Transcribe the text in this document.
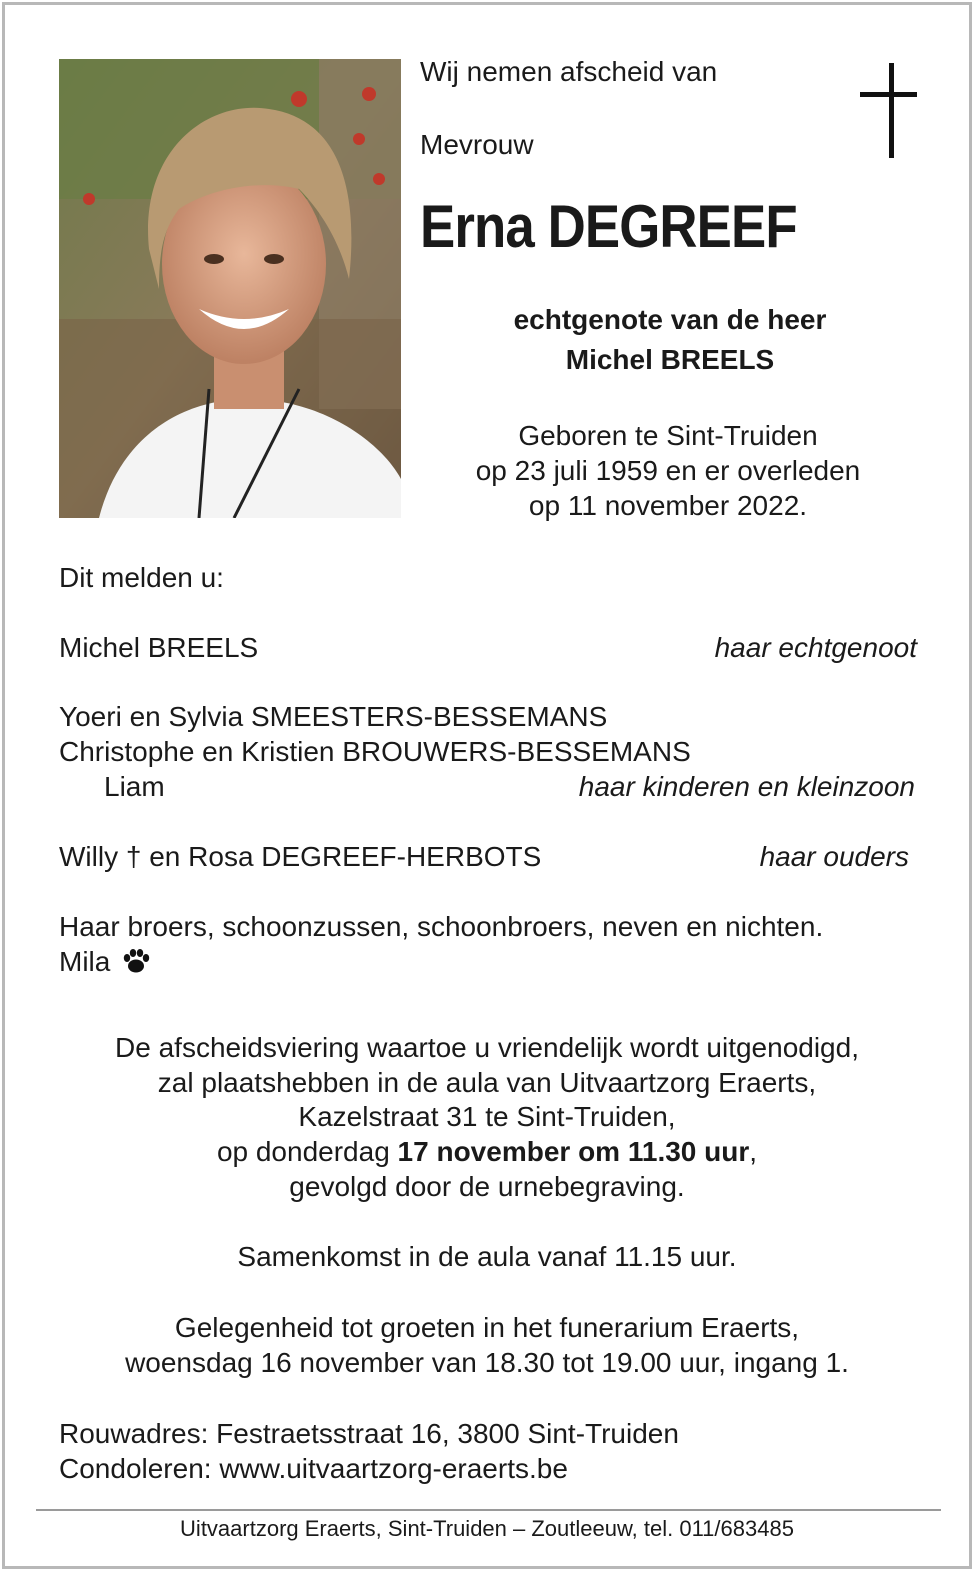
Wij nemen afscheid van
Mevrouw
Erna DEGREEF
echtgenote van de heer
Michel BREELS
Geboren te Sint-Truiden
op 23 juli 1959 en er overleden
op 11 november 2022.
Dit melden u:
Michel BREELS	haar echtgenoot
Yoeri en Sylvia SMEESTERS-BESSEMANS
Christophe en Kristien BROUWERS-BESSEMANS
Liam	haar kinderen en kleinzoon
Willy † en Rosa DEGREEF-HERBOTS	haar ouders
Haar broers, schoonzussen, schoonbroers, neven en nichten.
Mila
De afscheidsviering waartoe u vriendelijk wordt uitgenodigd,
zal plaatshebben in de aula van Uitvaartzorg Eraerts,
Kazelstraat 31 te Sint-Truiden,
op donderdag 17 november om 11.30 uur,
gevolgd door de urnebegraving.
Samenkomst in de aula vanaf 11.15 uur.
Gelegenheid tot groeten in het funerarium Eraerts,
woensdag 16 november van 18.30 tot 19.00 uur, ingang 1.
Rouwadres: Festraetsstraat 16, 3800 Sint-Truiden
Condoleren: www.uitvaartzorg-eraerts.be
Uitvaartzorg Eraerts, Sint-Truiden – Zoutleeuw, tel. 011/683485
